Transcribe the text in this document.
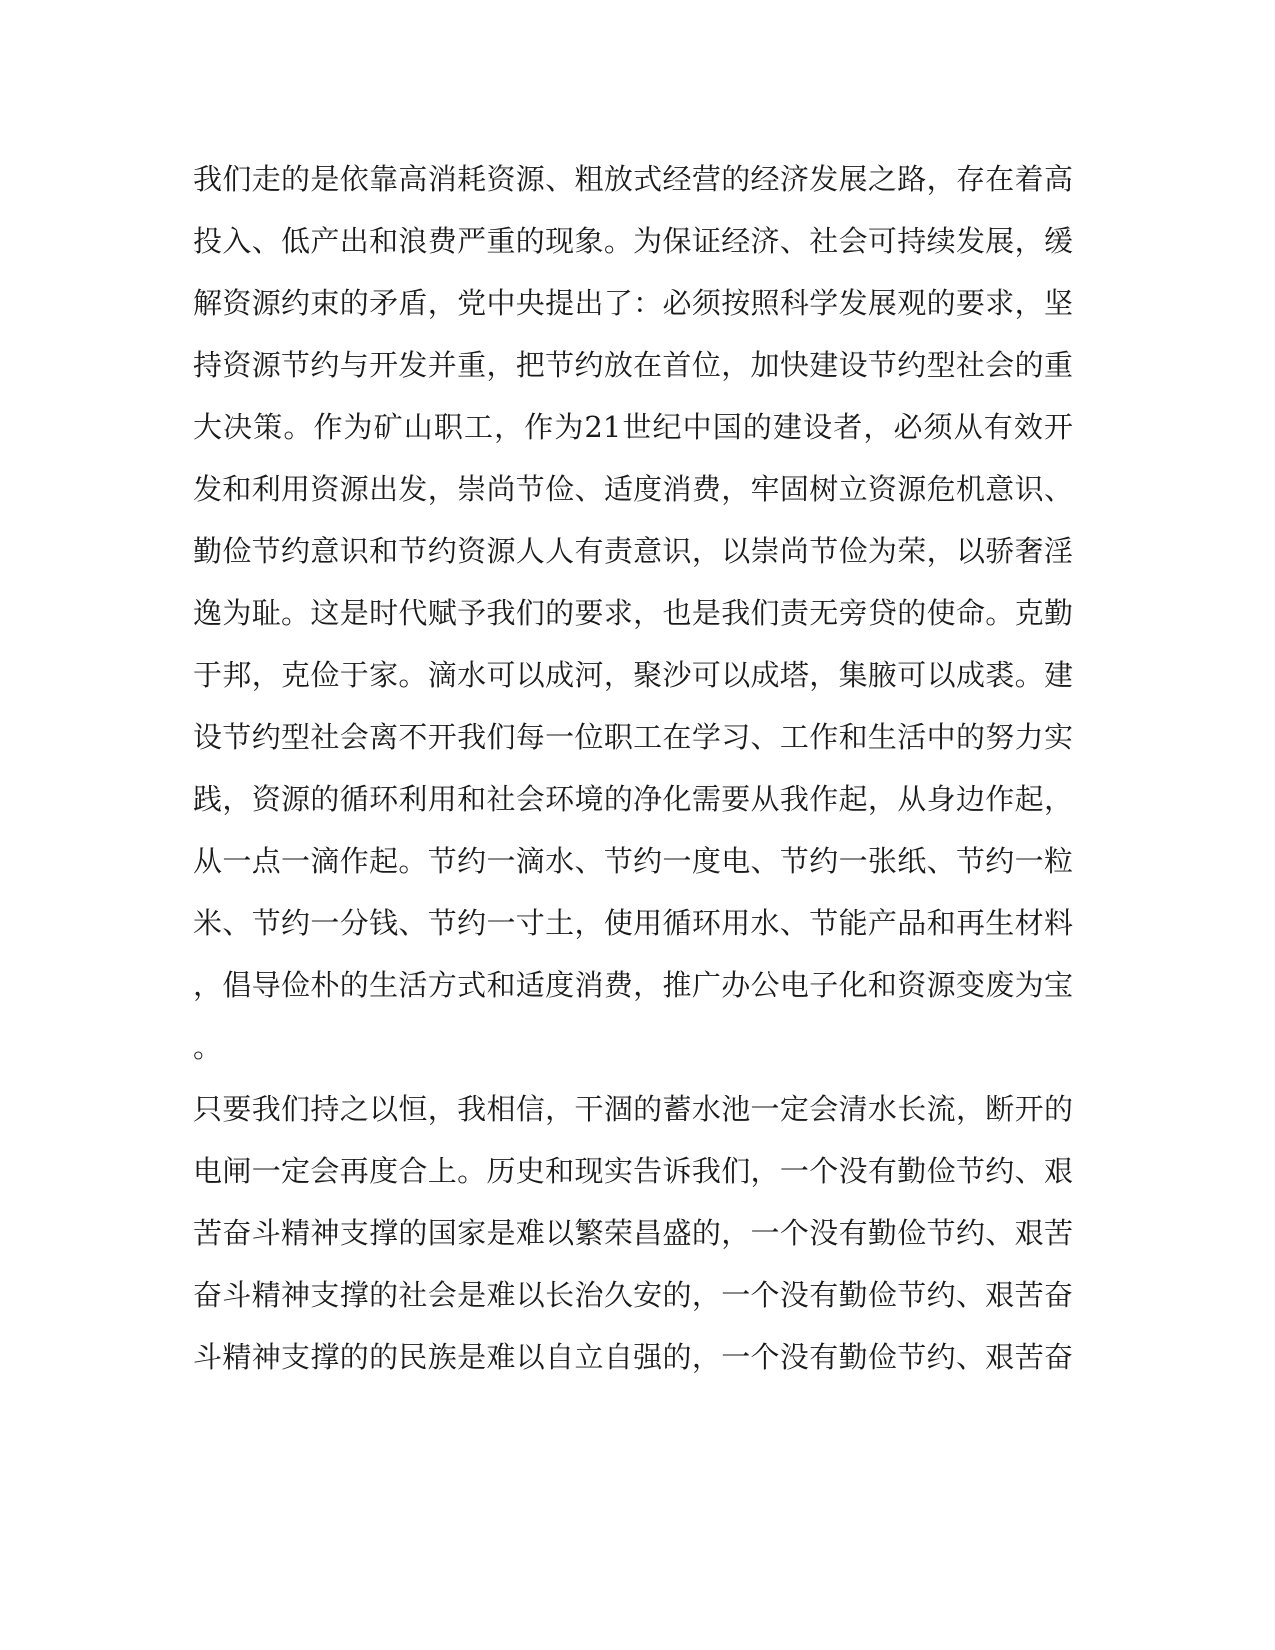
我们走的是依靠高消耗资源、粗放式经营的经济发展之路，存在着高
投入、低产出和浪费严重的现象。为保证经济、社会可持续发展，缓
解资源约束的矛盾，党中央提出了：必须按照科学发展观的要求，坚
持资源节约与开发并重，把节约放在首位，加快建设节约型社会的重
大决策。作为矿山职工，作为21世纪中国的建设者，必须从有效开
发和利用资源出发，崇尚节俭、适度消费，牢固树立资源危机意识、
勤俭节约意识和节约资源人人有责意识，以崇尚节俭为荣，以骄奢淫
逸为耻。这是时代赋予我们的要求，也是我们责无旁贷的使命。克勤
于邦，克俭于家。滴水可以成河，聚沙可以成塔，集腋可以成裘。建
设节约型社会离不开我们每一位职工在学习、工作和生活中的努力实
践，资源的循环利用和社会环境的净化需要从我作起，从身边作起，
从一点一滴作起。节约一滴水、节约一度电、节约一张纸、节约一粒
米、节约一分钱、节约一寸土，使用循环用水、节能产品和再生材料
，倡导俭朴的生活方式和适度消费，推广办公电子化和资源变废为宝
。
只要我们持之以恒，我相信，干涸的蓄水池一定会清水长流，断开的
电闸一定会再度合上。历史和现实告诉我们，一个没有勤俭节约、艰
苦奋斗精神支撑的国家是难以繁荣昌盛的，一个没有勤俭节约、艰苦
奋斗精神支撑的社会是难以长治久安的，一个没有勤俭节约、艰苦奋
斗精神支撑的的民族是难以自立自强的，一个没有勤俭节约、艰苦奋
